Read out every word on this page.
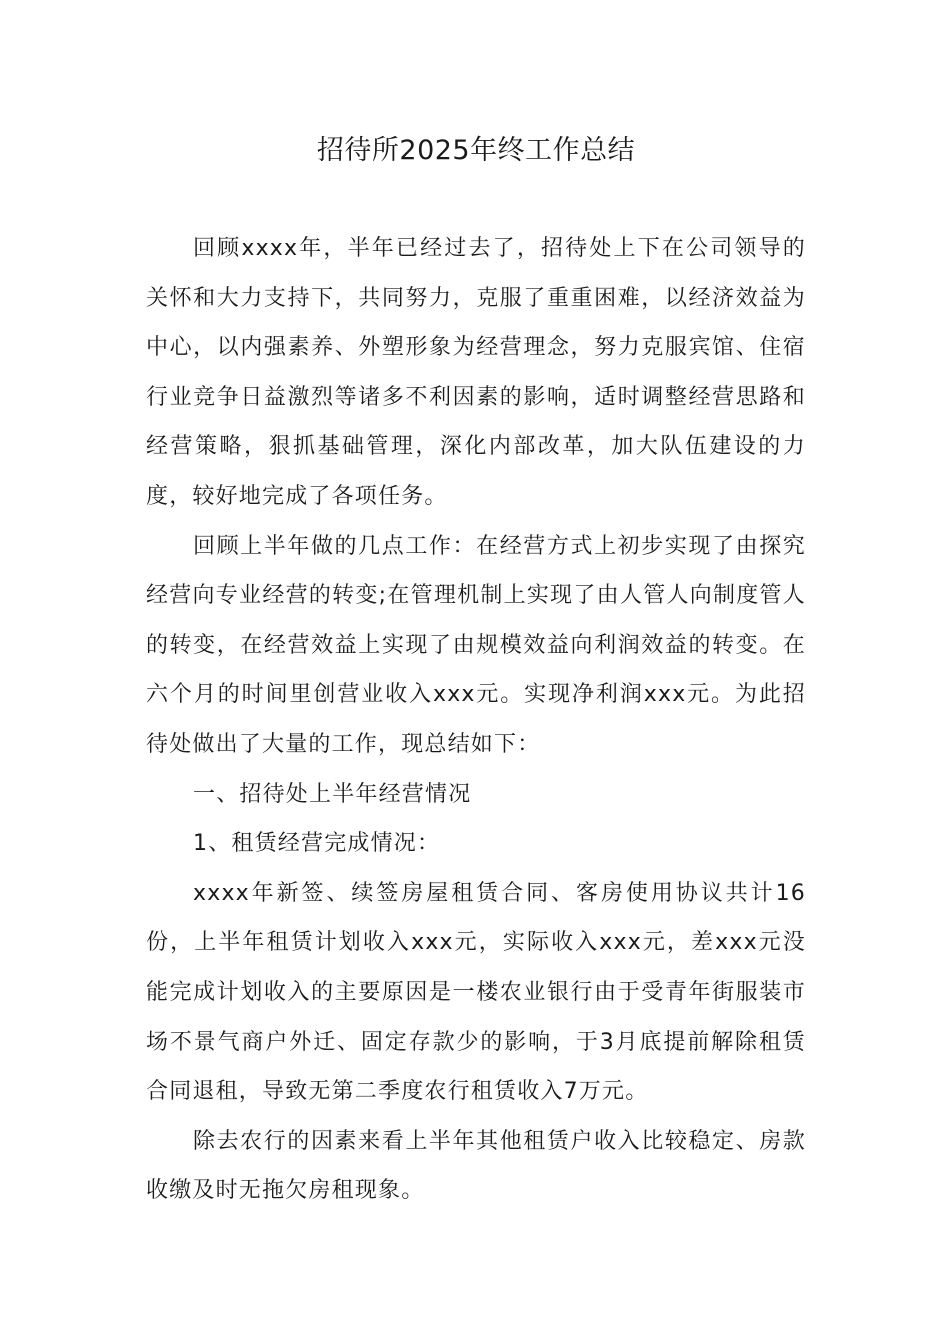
招待所2025年终工作总结

回顾xxxx年，半年已经过去了，招待处上下在公司领导的关怀和大力支持下，共同努力，克服了重重困难，以经济效益为中心，以内强素养、外塑形象为经营理念，努力克服宾馆、住宿行业竞争日益激烈等诸多不利因素的影响，适时调整经营思路和经营策略，狠抓基础管理，深化内部改革，加大队伍建设的力度，较好地完成了各项任务。

回顾上半年做的几点工作：在经营方式上初步实现了由探究经营向专业经营的转变;在管理机制上实现了由人管人向制度管人的转变，在经营效益上实现了由规模效益向利润效益的转变。在六个月的时间里创营业收入xxx元。实现净利润xxx元。为此招待处做出了大量的工作，现总结如下：

一、招待处上半年经营情况

1、租赁经营完成情况：

xxxx年新签、续签房屋租赁合同、客房使用协议共计16份，上半年租赁计划收入xxx元，实际收入xxx元，差xxx元没能完成计划收入的主要原因是一楼农业银行由于受青年街服装市场不景气商户外迁、固定存款少的影响，于3月底提前解除租赁合同退租，导致无第二季度农行租赁收入7万元。

除去农行的因素来看上半年其他租赁户收入比较稳定、房款收缴及时无拖欠房租现象。
